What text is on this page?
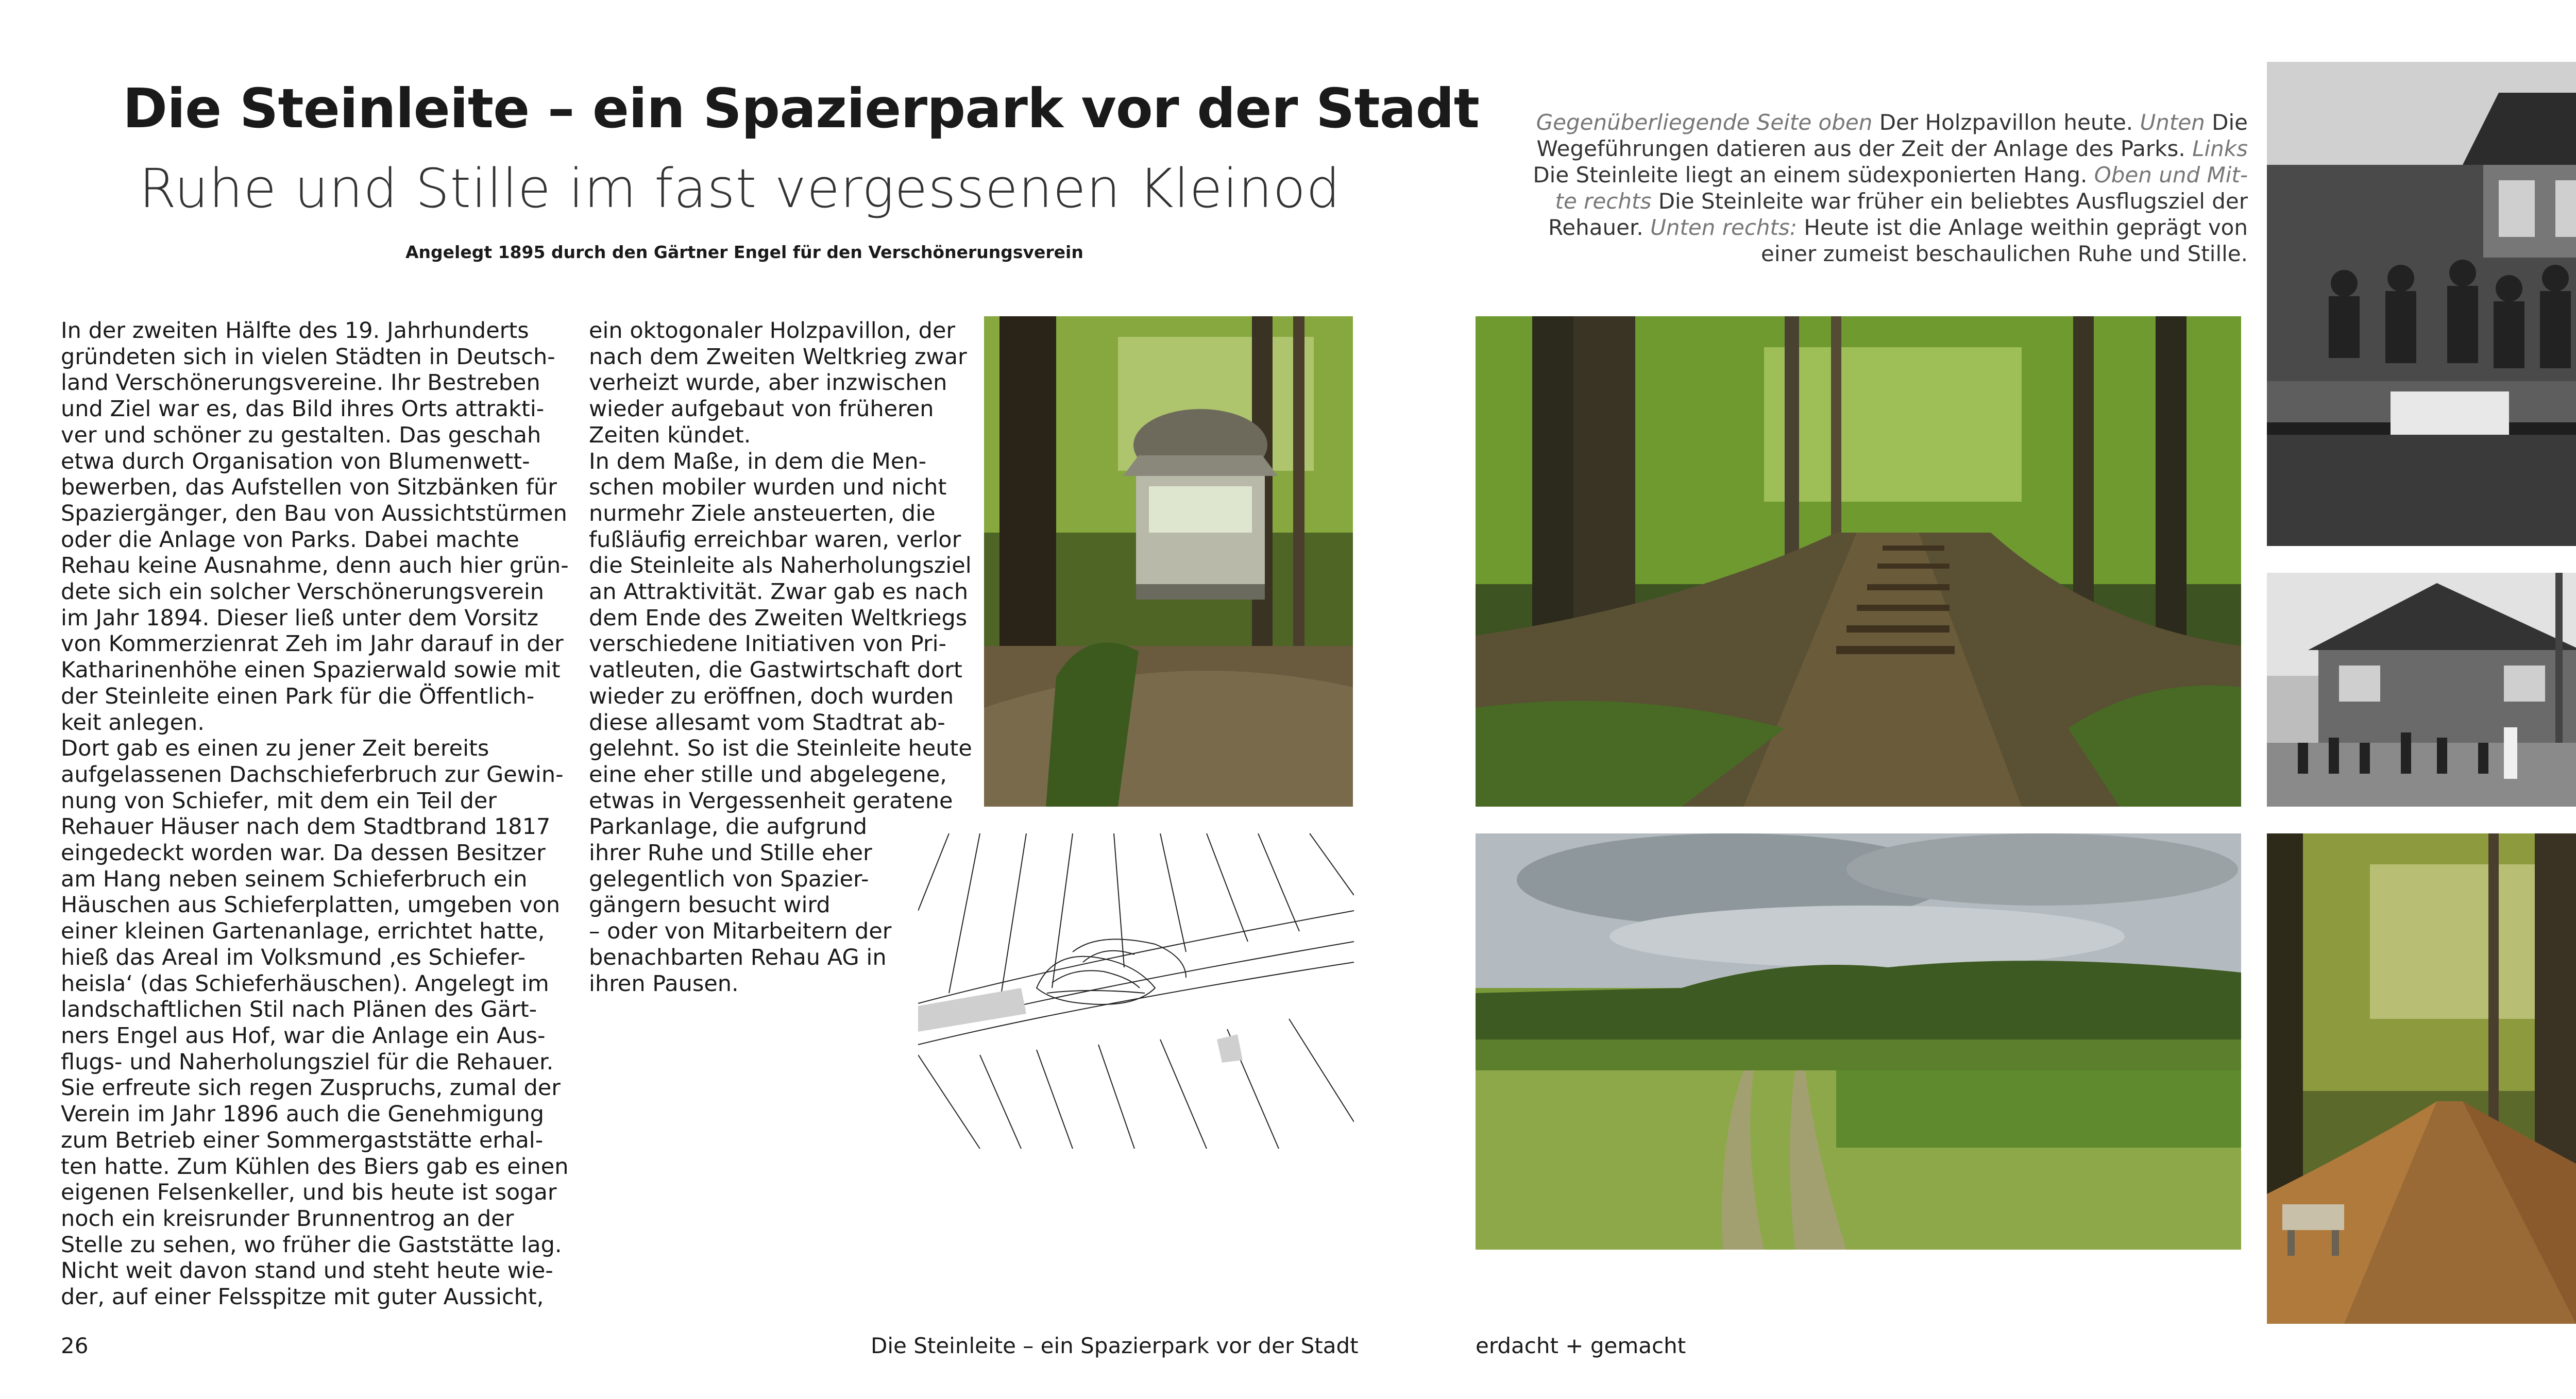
Die Steinleite – ein Spazierpark vor der Stadt
Ruhe und Stille im fast vergessenen Kleinod
Angelegt 1895 durch den Gärtner Engel für den Verschönerungsverein
In der zweiten Hälfte des 19. Jahrhunderts
gründeten sich in vielen Städten in Deutsch-
land Verschönerungsvereine. Ihr Bestreben
und Ziel war es, das Bild ihres Orts attrakti-
ver und schöner zu gestalten. Das geschah
etwa durch Organisation von Blumenwett-
bewerben, das Aufstellen von Sitzbänken für
Spaziergänger, den Bau von Aussichtstürmen
oder die Anlage von Parks. Dabei machte
Rehau keine Ausnahme, denn auch hier grün-
dete sich ein solcher Verschönerungsverein
im Jahr 1894. Dieser ließ unter dem Vorsitz
von Kommerzienrat Zeh im Jahr darauf in der
Katharinenhöhe einen Spazierwald sowie mit
der Steinleite einen Park für die Öffentlich-
keit anlegen.
Dort gab es einen zu jener Zeit bereits
aufgelassenen Dachschieferbruch zur Gewin-
nung von Schiefer, mit dem ein Teil der
Rehauer Häuser nach dem Stadtbrand 1817
eingedeckt worden war. Da dessen Besitzer
am Hang neben seinem Schieferbruch ein
Häuschen aus Schieferplatten, umgeben von
einer kleinen Gartenanlage, errichtet hatte,
hieß das Areal im Volksmund ‚es Schiefer-
heisla‘ (das Schieferhäuschen). Angelegt im
landschaftlichen Stil nach Plänen des Gärt-
ners Engel aus Hof, war die Anlage ein Aus-
flugs- und Naherholungsziel für die Rehauer.
Sie erfreute sich regen Zuspruchs, zumal der
Verein im Jahr 1896 auch die Genehmigung
zum Betrieb einer Sommergaststätte erhal-
ten hatte. Zum Kühlen des Biers gab es einen
eigenen Felsenkeller, und bis heute ist sogar
noch ein kreisrunder Brunnentrog an der
Stelle zu sehen, wo früher die Gaststätte lag.
Nicht weit davon stand und steht heute wie-
der, auf einer Felsspitze mit guter Aussicht,
ein oktogonaler Holzpavillon, der
nach dem Zweiten Weltkrieg zwar
verheizt wurde, aber inzwischen
wieder aufgebaut von früheren
Zeiten kündet.
In dem Maße, in dem die Men-
schen mobiler wurden und nicht
nurmehr Ziele ansteuerten, die
fußläufig erreichbar waren, verlor
die Steinleite als Naherholungsziel
an Attraktivität. Zwar gab es nach
dem Ende des Zweiten Weltkriegs
verschiedene Initiativen von Pri-
vatleuten, die Gastwirtschaft dort
wieder zu eröffnen, doch wurden
diese allesamt vom Stadtrat ab-
gelehnt. So ist die Steinleite heute
eine eher stille und abgelegene,
etwas in Vergessenheit geratene
Parkanlage, die aufgrund
ihrer Ruhe und Stille eher
gelegentlich von Spazier-
gängern besucht wird
– oder von Mitarbeitern der
benachbarten Rehau AG in
ihren Pausen.
26	Die Steinleite – ein Spazierpark vor der Stadt
Gegenüberliegende Seite oben Der Holzpavillon heute. Unten Die
Wegeführungen datieren aus der Zeit der Anlage des Parks. Links
Die Steinleite liegt an einem südexponierten Hang. Oben und Mit-
te rechts Die Steinleite war früher ein beliebtes Ausflugsziel der
Rehauer. Unten rechts: Heute ist die Anlage weithin geprägt von
einer zumeist beschaulichen Ruhe und Stille.
erdacht + gemacht
